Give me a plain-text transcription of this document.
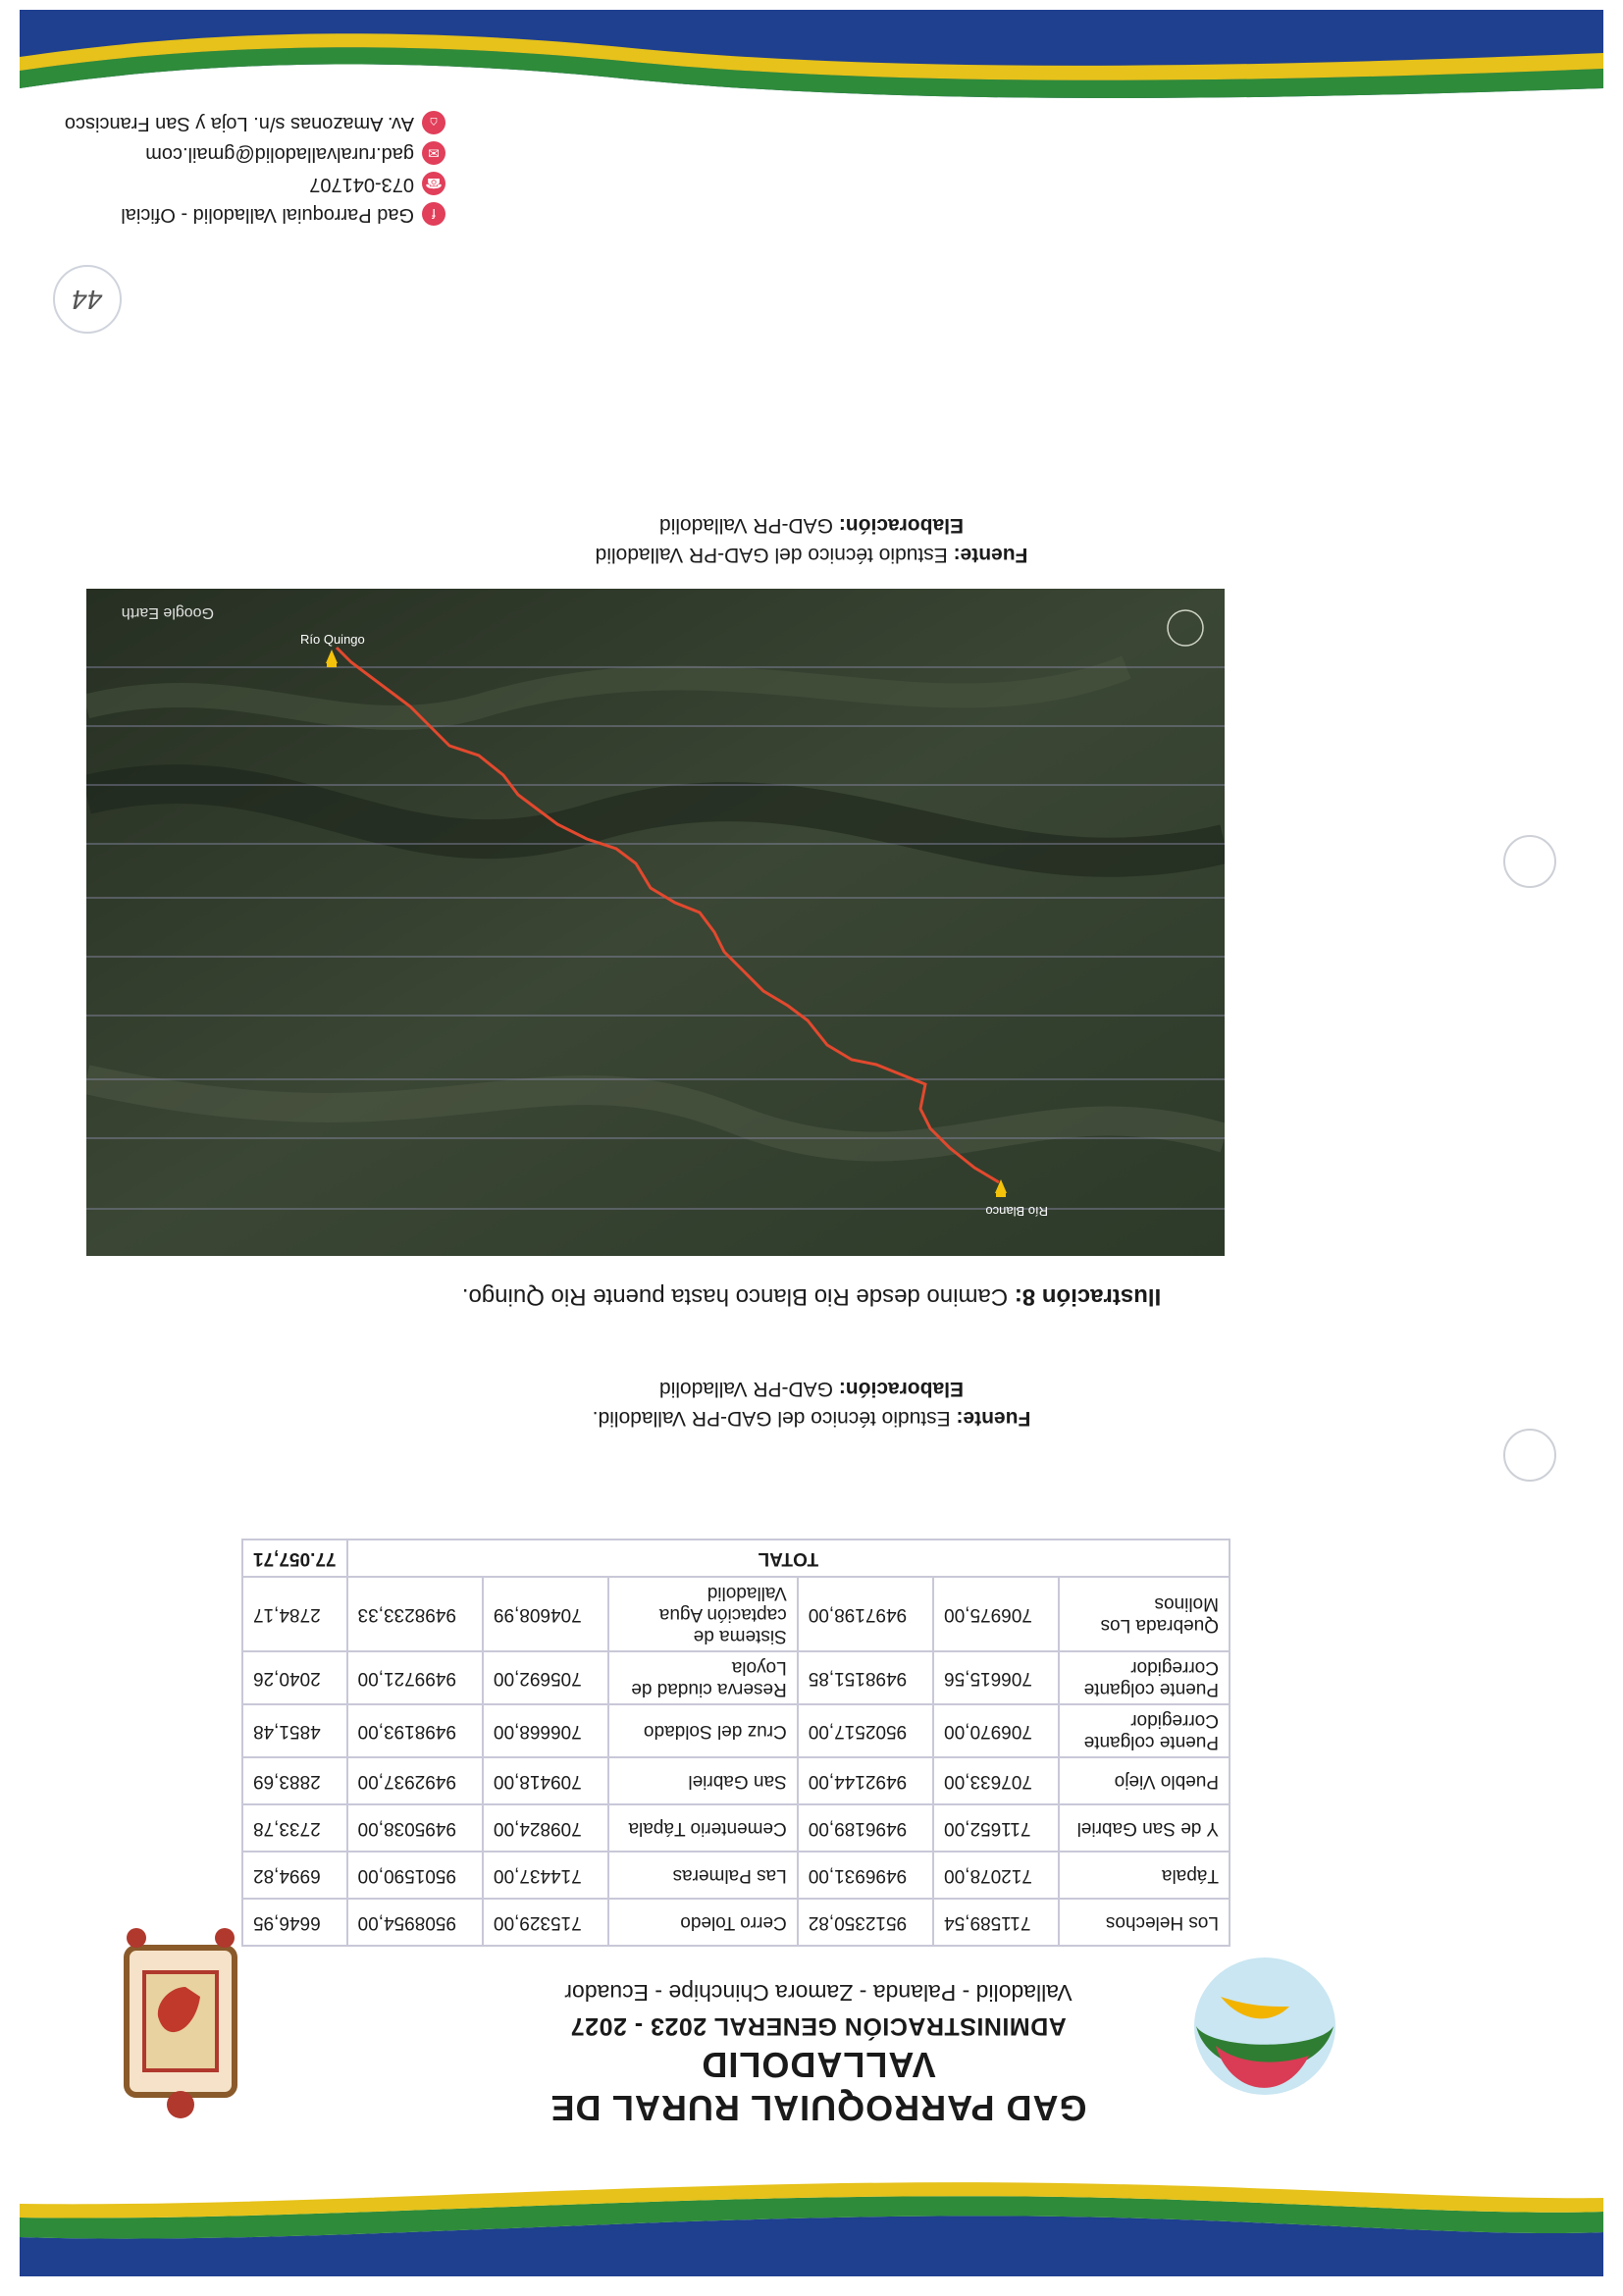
GAD PARROQUIAL RURAL DE VALLADOLID

ADMINISTRACIÓN GENERAL 2023 - 2027

Valladolid - Palanda - Zamora Chinchipe - Ecuador

Los Helechos	711589,54	9512350,82	Cerro Toledo	715329,00	9508954,00	6646,95
Tápala	712078,00	9496931,00	Las Palmeras	714437,00	9501590,00	6994,82
Y de San Gabriel	711652,00	9496189,00	Cementerio Tápala	709824,00	9495038,00	2733,78
Pueblo Viejo	707633,00	9492144,00	San Gabriel	709418,00	9492937,00	2883,69
Puente colgante Corregidor	706970,00	9502517,00	Cruz del Soldado	706668,00	9498193,00	4851,48
Puente colgante Corregidor	706615,56	9498151,85	Reserva ciudad de Loyola	705692,00	9499721,00	2040,26
Quebrada Los Molinos	706975,00	9497198,00	Sistema de captación Agua Valladolid	704608,99	9498233,33	2784,17
TOTAL						77.057,71
Fuente: Estudio técnico del GAD-PR Valladolid.
Elaboración: GAD-PR Valladolid
Ilustración 8: Camino desde Rio Blanco hasta puente Rio Quingo.
Río Quingo
Río Blanco
Google Earth
Fuente: Estudio técnico del GAD-PR Valladolid
Elaboración: GAD-PR Valladolid
44
fGad Parroquial Valladolid - Oficial
☎073-041707
✉gad.ruralvalladolid@gmail.com
⌂Av. Amazonas s/n. Loja y San Francisco
